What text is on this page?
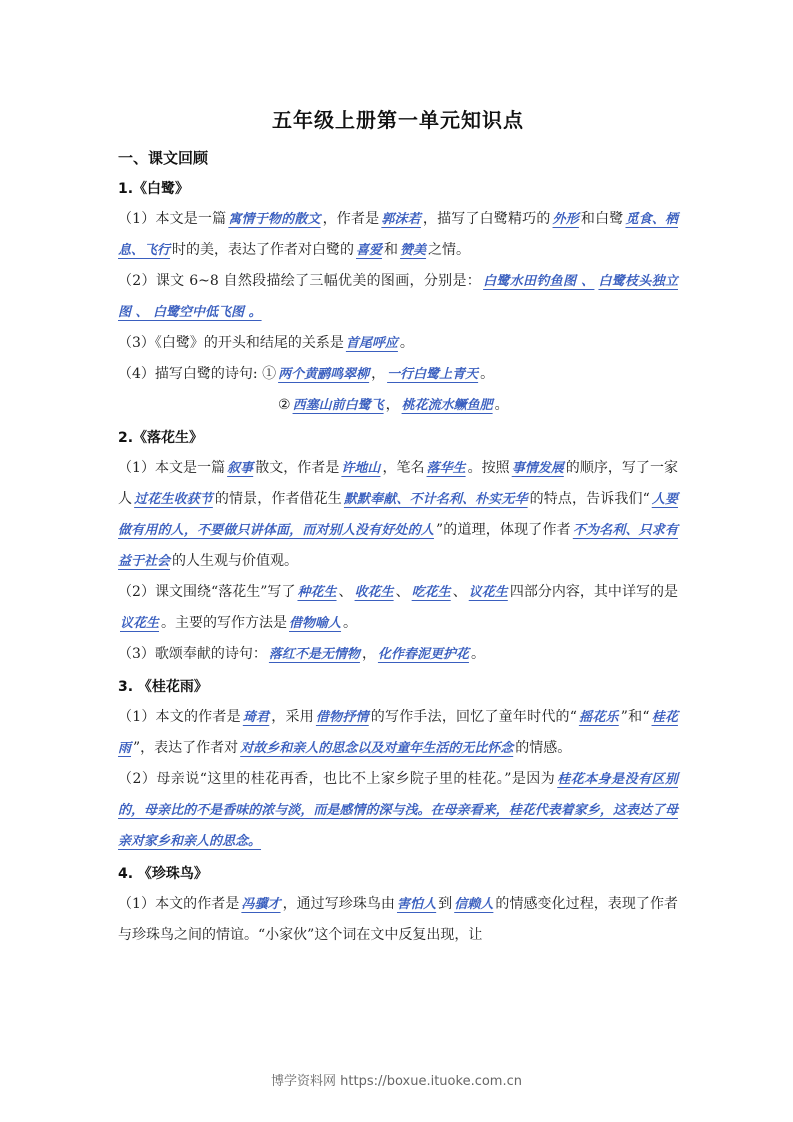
五年级上册第一单元知识点
一、课文回顾
1.《白鹭》

（1）本文是一篇 寓情于物的散文 ，作者是 郭沫若 ，描写了白鹭精巧的 外形 和白鹭 觅食、栖息、飞行 时的美，表达了作者对白鹭的 喜爱 和 赞美 之情。

（2）课文 6~8 自然段描绘了三幅优美的图画，分别是： 白鹭水田钓鱼图 、 白鹭枝头独立图 、 白鹭空中低飞图 。

（3）《白鹭》的开头和结尾的关系是 首尾呼应 。

（4）描写白鹭的诗句: ① 两个黄鹂鸣翠柳 ， 一行白鹭上青天 。

② 西塞山前白鹭飞 ， 桃花流水鳜鱼肥 。

2.《落花生》

（1）本文是一篇 叙事 散文，作者是 许地山 ，笔名 落华生 。按照 事情发展 的顺序，写了一家人 过花生收获节 的情景，作者借花生 默默奉献、不计名利、朴实无华 的特点，告诉我们“ 人要做有用的人，不要做只讲体面，而对别人没有好处的人 ”的道理，体现了作者 不为名利、只求有益于社会 的人生观与价值观。

（2）课文围绕“落花生”写了 种花生 、 收花生 、 吃花生 、 议花生 四部分内容，其中详写的是议花生 。主要的写作方法是 借物喻人 。

（3）歌颂奉献的诗句： 落红不是无情物 ， 化作春泥更护花 。

3. 《桂花雨》

（1）本文的作者是 琦君 ，采用 借物抒情 的写作手法，回忆了童年时代的“ 摇花乐 ”和“ 桂花雨 ”，表达了作者对 对故乡和亲人的思念以及对童年生活的无比怀念 的情感。

（2）母亲说“这里的桂花再香，也比不上家乡院子里的桂花。”是因为 桂花本身是没有区别的，母亲比的不是香味的浓与淡，而是感情的深与浅。在母亲看来，桂花代表着家乡，这表达了母亲对家乡和亲人的思念。

4. 《珍珠鸟》

（1）本文的作者是 冯骥才 ，通过写珍珠鸟由 害怕人 到 信赖人 的情感变化过程，表现了作者与珍珠鸟之间的情谊。“小家伙”这个词在文中反复出现，让

博学资料网 https://boxue.ituoke.com.cn
